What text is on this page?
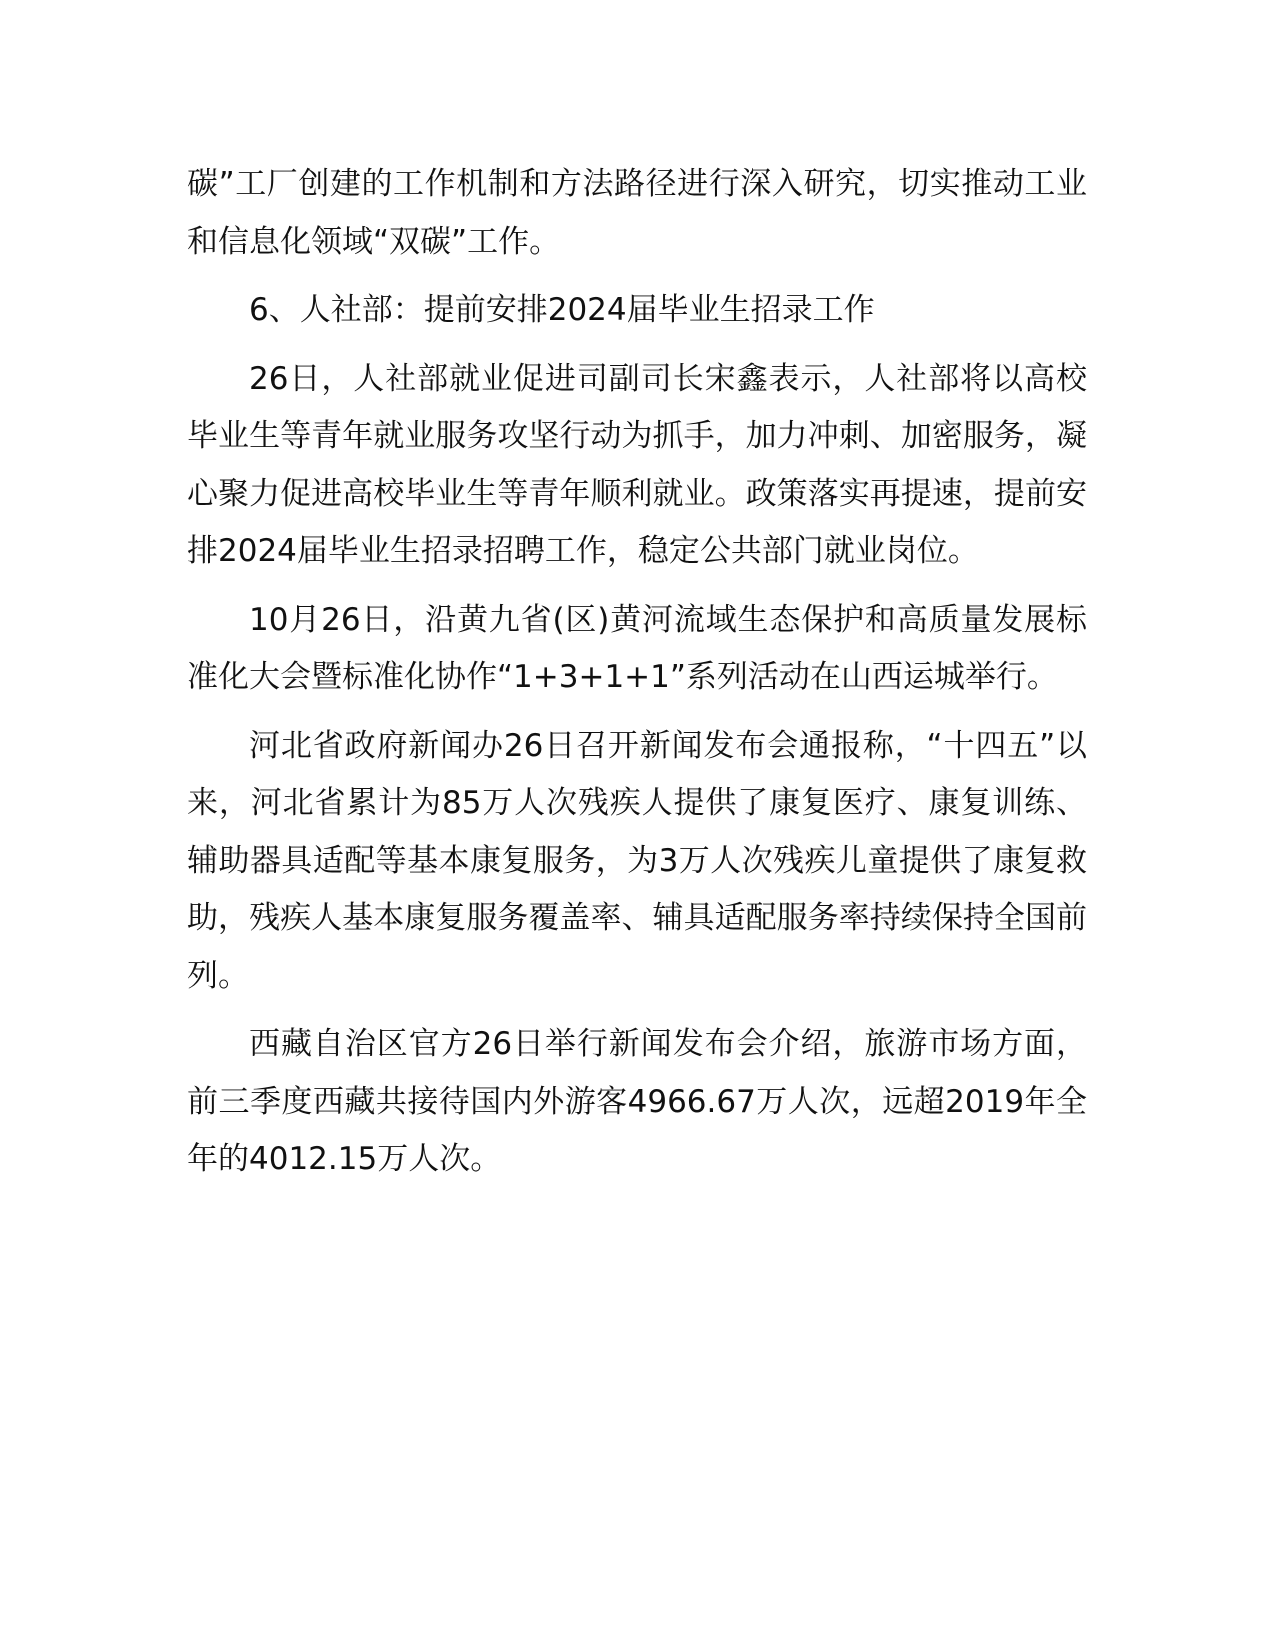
碳”工厂创建的工作机制和方法路径进行深入研究，切实推动工业和信息化领域“双碳”工作。

6、人社部：提前安排2024届毕业生招录工作

26日，人社部就业促进司副司长宋鑫表示，人社部将以高校毕业生等青年就业服务攻坚行动为抓手，加力冲刺、加密服务，凝心聚力促进高校毕业生等青年顺利就业。政策落实再提速，提前安排2024届毕业生招录招聘工作，稳定公共部门就业岗位。

10月26日，沿黄九省(区)黄河流域生态保护和高质量发展标准化大会暨标准化协作“1+3+1+1”系列活动在山西运城举行。

河北省政府新闻办26日召开新闻发布会通报称，“十四五”以来，河北省累计为85万人次残疾人提供了康复医疗、康复训练、辅助器具适配等基本康复服务，为3万人次残疾儿童提供了康复救助，残疾人基本康复服务覆盖率、辅具适配服务率持续保持全国前列。

西藏自治区官方26日举行新闻发布会介绍，旅游市场方面，前三季度西藏共接待国内外游客4966.67万人次，远超2019年全年的4012.15万人次。
